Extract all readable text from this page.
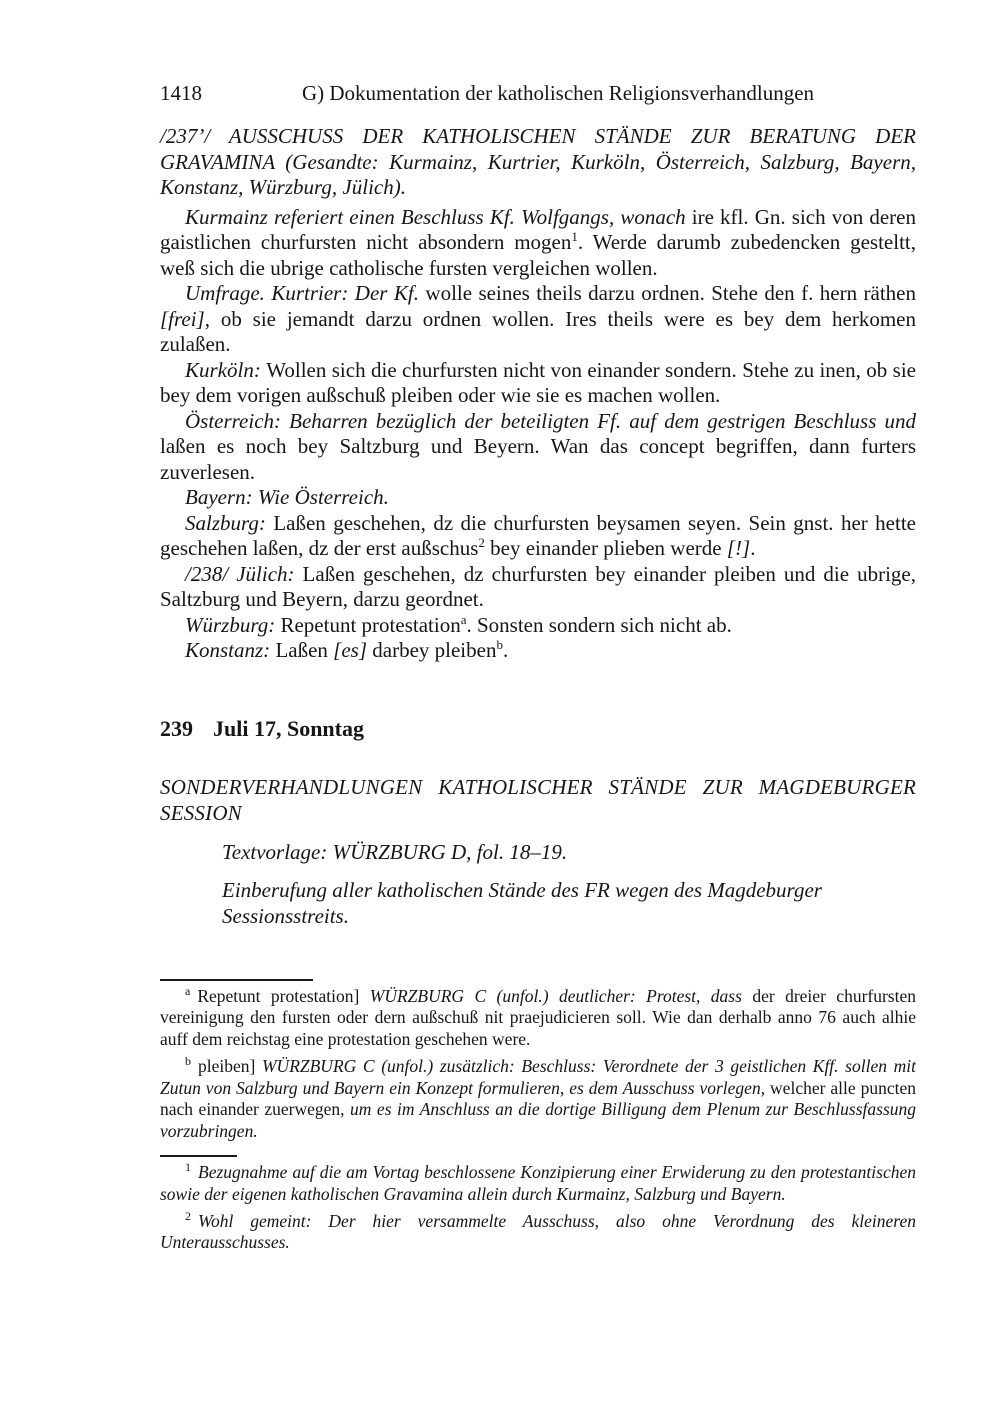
1418	G) Dokumentation der katholischen Religionsverhandlungen

/237’/ AUSSCHUSS DER KATHOLISCHEN STÄNDE ZUR BERATUNG DER GRAVAMINA (Gesandte: Kurmainz, Kurtrier, Kurköln, Österreich, Salzburg, Bayern, Konstanz, Würzburg, Jülich).

Kurmainz referiert einen Beschluss Kf. Wolfgangs, wonach ire kfl. Gn. sich von deren gaistlichen churfursten nicht absondern mogen$^1$. Werde darumb zubedencken gesteltt, weß sich die ubrige catholische fursten vergleichen wollen.

Umfrage. Kurtrier: Der Kf. wolle seines theils darzu ordnen. Stehe den f. hern räthen [frei], ob sie jemandt darzu ordnen wollen. Ires theils were es bey dem herkomen zulaßen.

Kurköln: Wollen sich die churfursten nicht von einander sondern. Stehe zu inen, ob sie bey dem vorigen außschuß pleiben oder wie sie es machen wollen.

Österreich: Beharren bezüglich der beteiligten Ff. auf dem gestrigen Beschluss und laßen es noch bey Saltzburg und Beyern. Wan das concept begriffen, dann furters zuverlesen.

Bayern: Wie Österreich.

Salzburg: Laßen geschehen, dz die churfursten beysamen seyen. Sein gnst. her hette geschehen laßen, dz der erst außschus$^2$ bey einander plieben werde [!].

/238/ Jülich: Laßen geschehen, dz churfursten bey einander pleiben und die ubrige, Saltzburg und Beyern, darzu geordnet.

Würzburg: Repetunt protestation$^a$. Sonsten sondern sich nicht ab.

Konstanz: Laßen [es] darbey pleiben$^b$.

239 Juli 17, Sonntag

SONDERVERHANDLUNGEN KATHOLISCHER STÄNDE ZUR MAGDEBURGER SESSION

Textvorlage: WÜRZBURG D, fol. 18–19.

Einberufung aller katholischen Stände des FR wegen des Magdeburger Sessionsstreits.

$^a$ Repetunt protestation] WÜRZBURG C (unfol.) deutlicher: Protest, dass der dreier churfursten vereinigung den fursten oder dern außschuß nit praejudicieren soll. Wie dan derhalb anno 76 auch alhie auff dem reichstag eine protestation geschehen were.

$^b$ pleiben] WÜRZBURG C (unfol.) zusätzlich: Beschluss: Verordnete der 3 geistlichen Kff. sollen mit Zutun von Salzburg und Bayern ein Konzept formulieren, es dem Ausschuss vorlegen, welcher alle puncten nach einander zuerwegen, um es im Anschluss an die dortige Billigung dem Plenum zur Beschlussfassung vorzubringen.

$^1$ Bezugnahme auf die am Vortag beschlossene Konzipierung einer Erwiderung zu den protestantischen sowie der eigenen katholischen Gravamina allein durch Kurmainz, Salzburg und Bayern.

$^2$ Wohl gemeint: Der hier versammelte Ausschuss, also ohne Verordnung des kleineren Unterausschusses.
